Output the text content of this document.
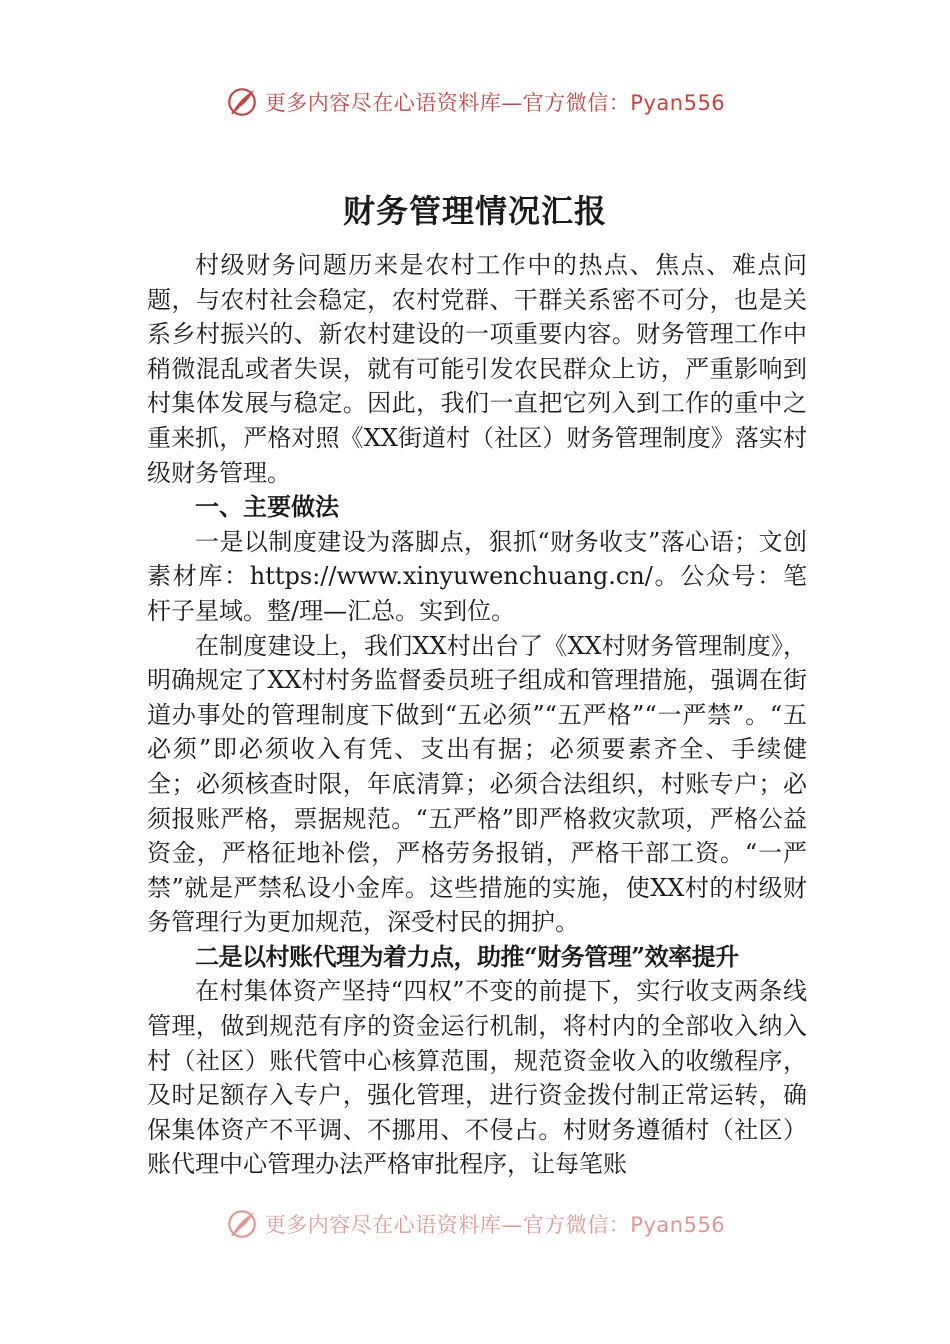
更多内容尽在心语资料库—官方微信：Pyan556
财务管理情况汇报

村级财务问题历来是农村工作中的热点、焦点、难点问题，与农村社会稳定，农村党群、干群关系密不可分，也是关系乡村振兴的、新农村建设的一项重要内容。财务管理工作中稍微混乱或者失误，就有可能引发农民群众上访，严重影响到村集体发展与稳定。因此，我们一直把它列入到工作的重中之重来抓，严格对照《XX街道村（社区）财务管理制度》落实村级财务管理。

一、主要做法

一是以制度建设为落脚点，狠抓“财务收支”落心语；文创素材库：https://www.xinyuwenchuang.cn/。公众号：笔杆子星域。整/理—汇总。实到位。

在制度建设上，我们XX村出台了《XX村财务管理制度》，明确规定了XX村村务监督委员班子组成和管理措施，强调在街道办事处的管理制度下做到“五必须”“五严格”“一严禁”。“五必须”即必须收入有凭、支出有据；必须要素齐全、手续健全；必须核查时限，年底清算；必须合法组织，村账专户；必须报账严格，票据规范。“五严格”即严格救灾款项，严格公益资金，严格征地补偿，严格劳务报销，严格干部工资。“一严禁”就是严禁私设小金库。这些措施的实施，使XX村的村级财务管理行为更加规范，深受村民的拥护。

二是以村账代理为着力点，助推“财务管理”效率提升

在村集体资产坚持“四权”不变的前提下，实行收支两条线管理，做到规范有序的资金运行机制，将村内的全部收入纳入村（社区）账代管中心核算范围，规范资金收入的收缴程序，及时足额存入专户，强化管理，进行资金拨付制正常运转，确保集体资产不平调、不挪用、不侵占。村财务遵循村（社区）账代理中心管理办法严格审批程序，让每笔账

更多内容尽在心语资料库—官方微信：Pyan556
